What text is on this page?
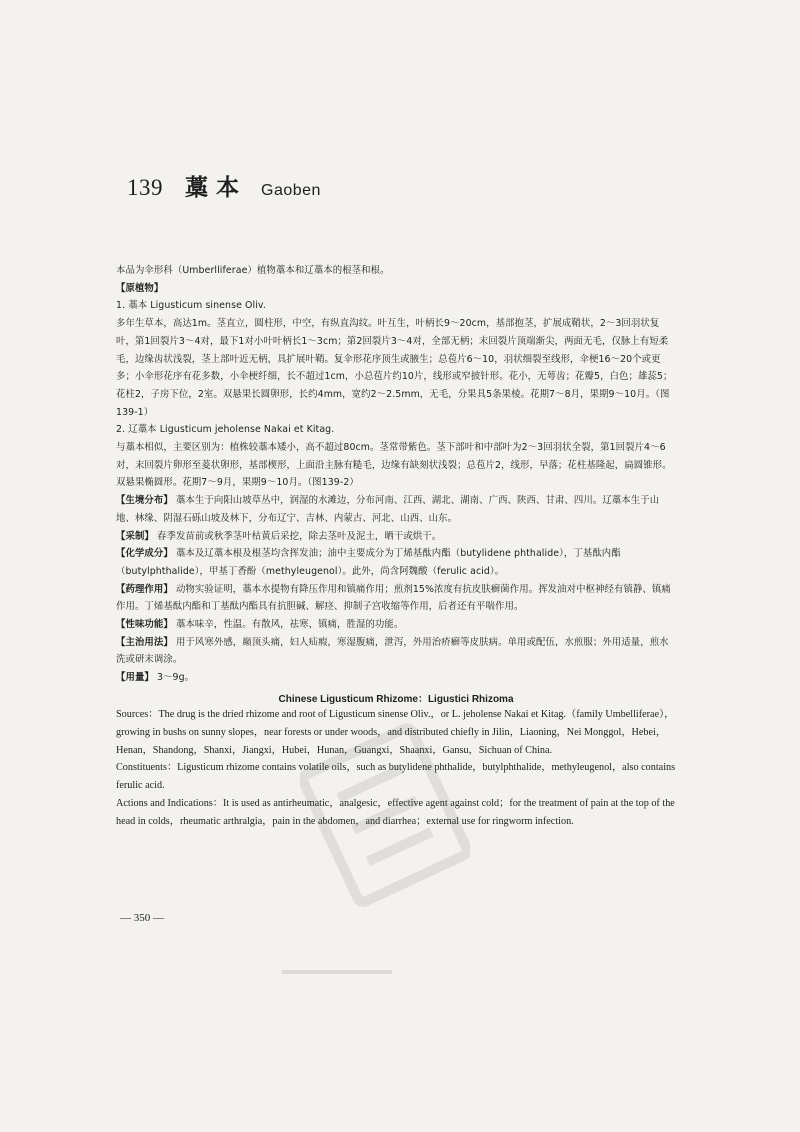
139 藁本 Gaoben

本品为伞形科（Umberlliferae）植物藁本和辽藁本的根茎和根。

【原植物】

1. 藁本 Ligusticum sinense Oliv.

多年生草本，高达1m。茎直立，圆柱形，中空，有纵直沟纹。叶互生，叶柄长9～20cm，基部抱茎，扩展成鞘状，2～3回羽状复叶，第1回裂片3～4对，最下1对小叶叶柄长1～3cm；第2回裂片3～4对，全部无柄；末回裂片顶端渐尖，两面无毛，仅脉上有短柔毛，边缘齿状浅裂，茎上部叶近无柄，具扩展叶鞘。复伞形花序顶生或腋生；总苞片6～10，羽状细裂至线形，伞梗16～20个或更多；小伞形花序有花多数，小伞梗纤细，长不超过1cm，小总苞片约10片，线形或窄披针形。花小，无萼齿；花瓣5，白色；雄蕊5；花柱2，子房下位，2室。双悬果长圆卵形，长约4mm，宽约2～2.5mm，无毛，分果具5条果棱。花期7～8月，果期9～10月。（图139-1）

2. 辽藁本 Ligusticum jeholense Nakai et Kitag.

与藁本相似，主要区别为：植株较藁本矮小，高不超过80cm。茎常带紫色。茎下部叶和中部叶为2～3回羽状全裂，第1回裂片4～6对，末回裂片卵形至菱状卵形，基部楔形，上面沿主脉有糙毛，边缘有缺刻状浅裂；总苞片2，线形，早落；花柱基隆起，扁圆锥形。双悬果椭圆形。花期7～9月，果期9～10月。（图139-2）

【生境分布】 藁本生于向阳山坡草丛中，润湿的水滩边，分布河南、江西、湖北、湖南、广西、陕西、甘肃、四川。辽藁本生于山地、林缘、阴湿石砾山坡及林下，分布辽宁、吉林、内蒙古、河北、山西、山东。

【采制】 春季发苗前或秋季茎叶枯黄后采挖，除去茎叶及泥土，晒干或烘干。

【化学成分】 藁本及辽藁本根及根茎均含挥发油；油中主要成分为丁烯基酞内酯（butylidene phthalide），丁基酞内酯（butylphthalide），甲基丁香酚（methyleugenol）。此外，尚含阿魏酸（ferulic acid）。

【药理作用】 动物实验证明，藁本水提物有降压作用和镇痛作用；煎剂15%浓度有抗皮肤癣菌作用。挥发油对中枢神经有镇静、镇痛作用。丁烯基酞内酯和丁基酞内酯具有抗胆碱、解痉、抑制子宫收缩等作用，后者还有平喘作用。

【性味功能】 藁本味辛，性温。有散风，祛寒，镇痛，胜湿的功能。

【主治用法】 用于风寒外感，巅顶头痛，妇人疝瘕，寒湿腹痛，泄泻，外用治疥癣等皮肤病。单用或配伍，水煎服；外用适量，煎水洗或研末调涂。

【用量】 3～9g。

Chinese Ligusticum Rhizome：Ligustici Rhizoma

Sources：The drug is the dried rhizome and root of Ligusticum sinense Oliv.，or L. jeholense Nakai et Kitag.（family Umbelliferae），growing in bushs on sunny slopes，near forests or under woods，and distributed chiefly in Jilin，Liaoning，Nei Monggol，Hebei，Henan，Shandong，Shanxi，Jiangxi，Hubei，Hunan，Guangxi，Shaanxi，Gansu，Sichuan of China.

Constituents：Ligusticum rhizome contains volatile oils，such as butylidene phthalide，butylphthalide，methyleugenol，also contains ferulic acid.

Actions and Indications：It is used as antirheumatic，analgesic，effective agent against cold；for the treatment of pain at the top of the head in colds，rheumatic arthralgia，pain in the abdomen，and diarrhea；external use for ringworm infection.

— 350 —
